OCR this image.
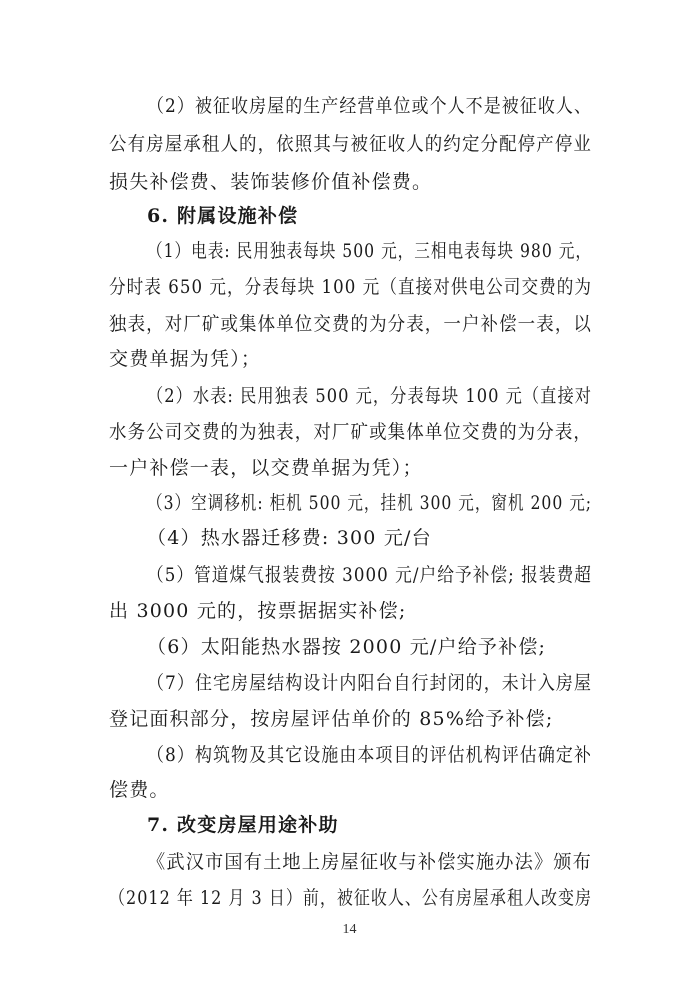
（2）被征收房屋的生产经营单位或个人不是被征收人、
公有房屋承租人的，依照其与被征收人的约定分配停产停业
损失补偿费、装饰装修价值补偿费。
6. 附属设施补偿
（1）电表: 民用独表每块 500 元，三相电表每块 980 元，
分时表 650 元，分表每块 100 元（直接对供电公司交费的为
独表，对厂矿或集体单位交费的为分表，一户补偿一表，以
交费单据为凭）；
（2）水表: 民用独表 500 元，分表每块 100 元（直接对
水务公司交费的为独表，对厂矿或集体单位交费的为分表，
一户补偿一表，以交费单据为凭）；
（3）空调移机: 柜机 500 元，挂机 300 元，窗机 200 元;
（4）热水器迁移费: 300 元/台
（5）管道煤气报装费按 3000 元/户给予补偿; 报装费超
出 3000 元的，按票据据实补偿;
（6）太阳能热水器按 2000 元/户给予补偿;
（7）住宅房屋结构设计内阳台自行封闭的，未计入房屋
登记面积部分，按房屋评估单价的 85%给予补偿;
（8）构筑物及其它设施由本项目的评估机构评估确定补
偿费。
7. 改变房屋用途补助
《武汉市国有土地上房屋征收与补偿实施办法》颁布
（2012 年 12 月 3 日）前，被征收人、公有房屋承租人改变房
14
